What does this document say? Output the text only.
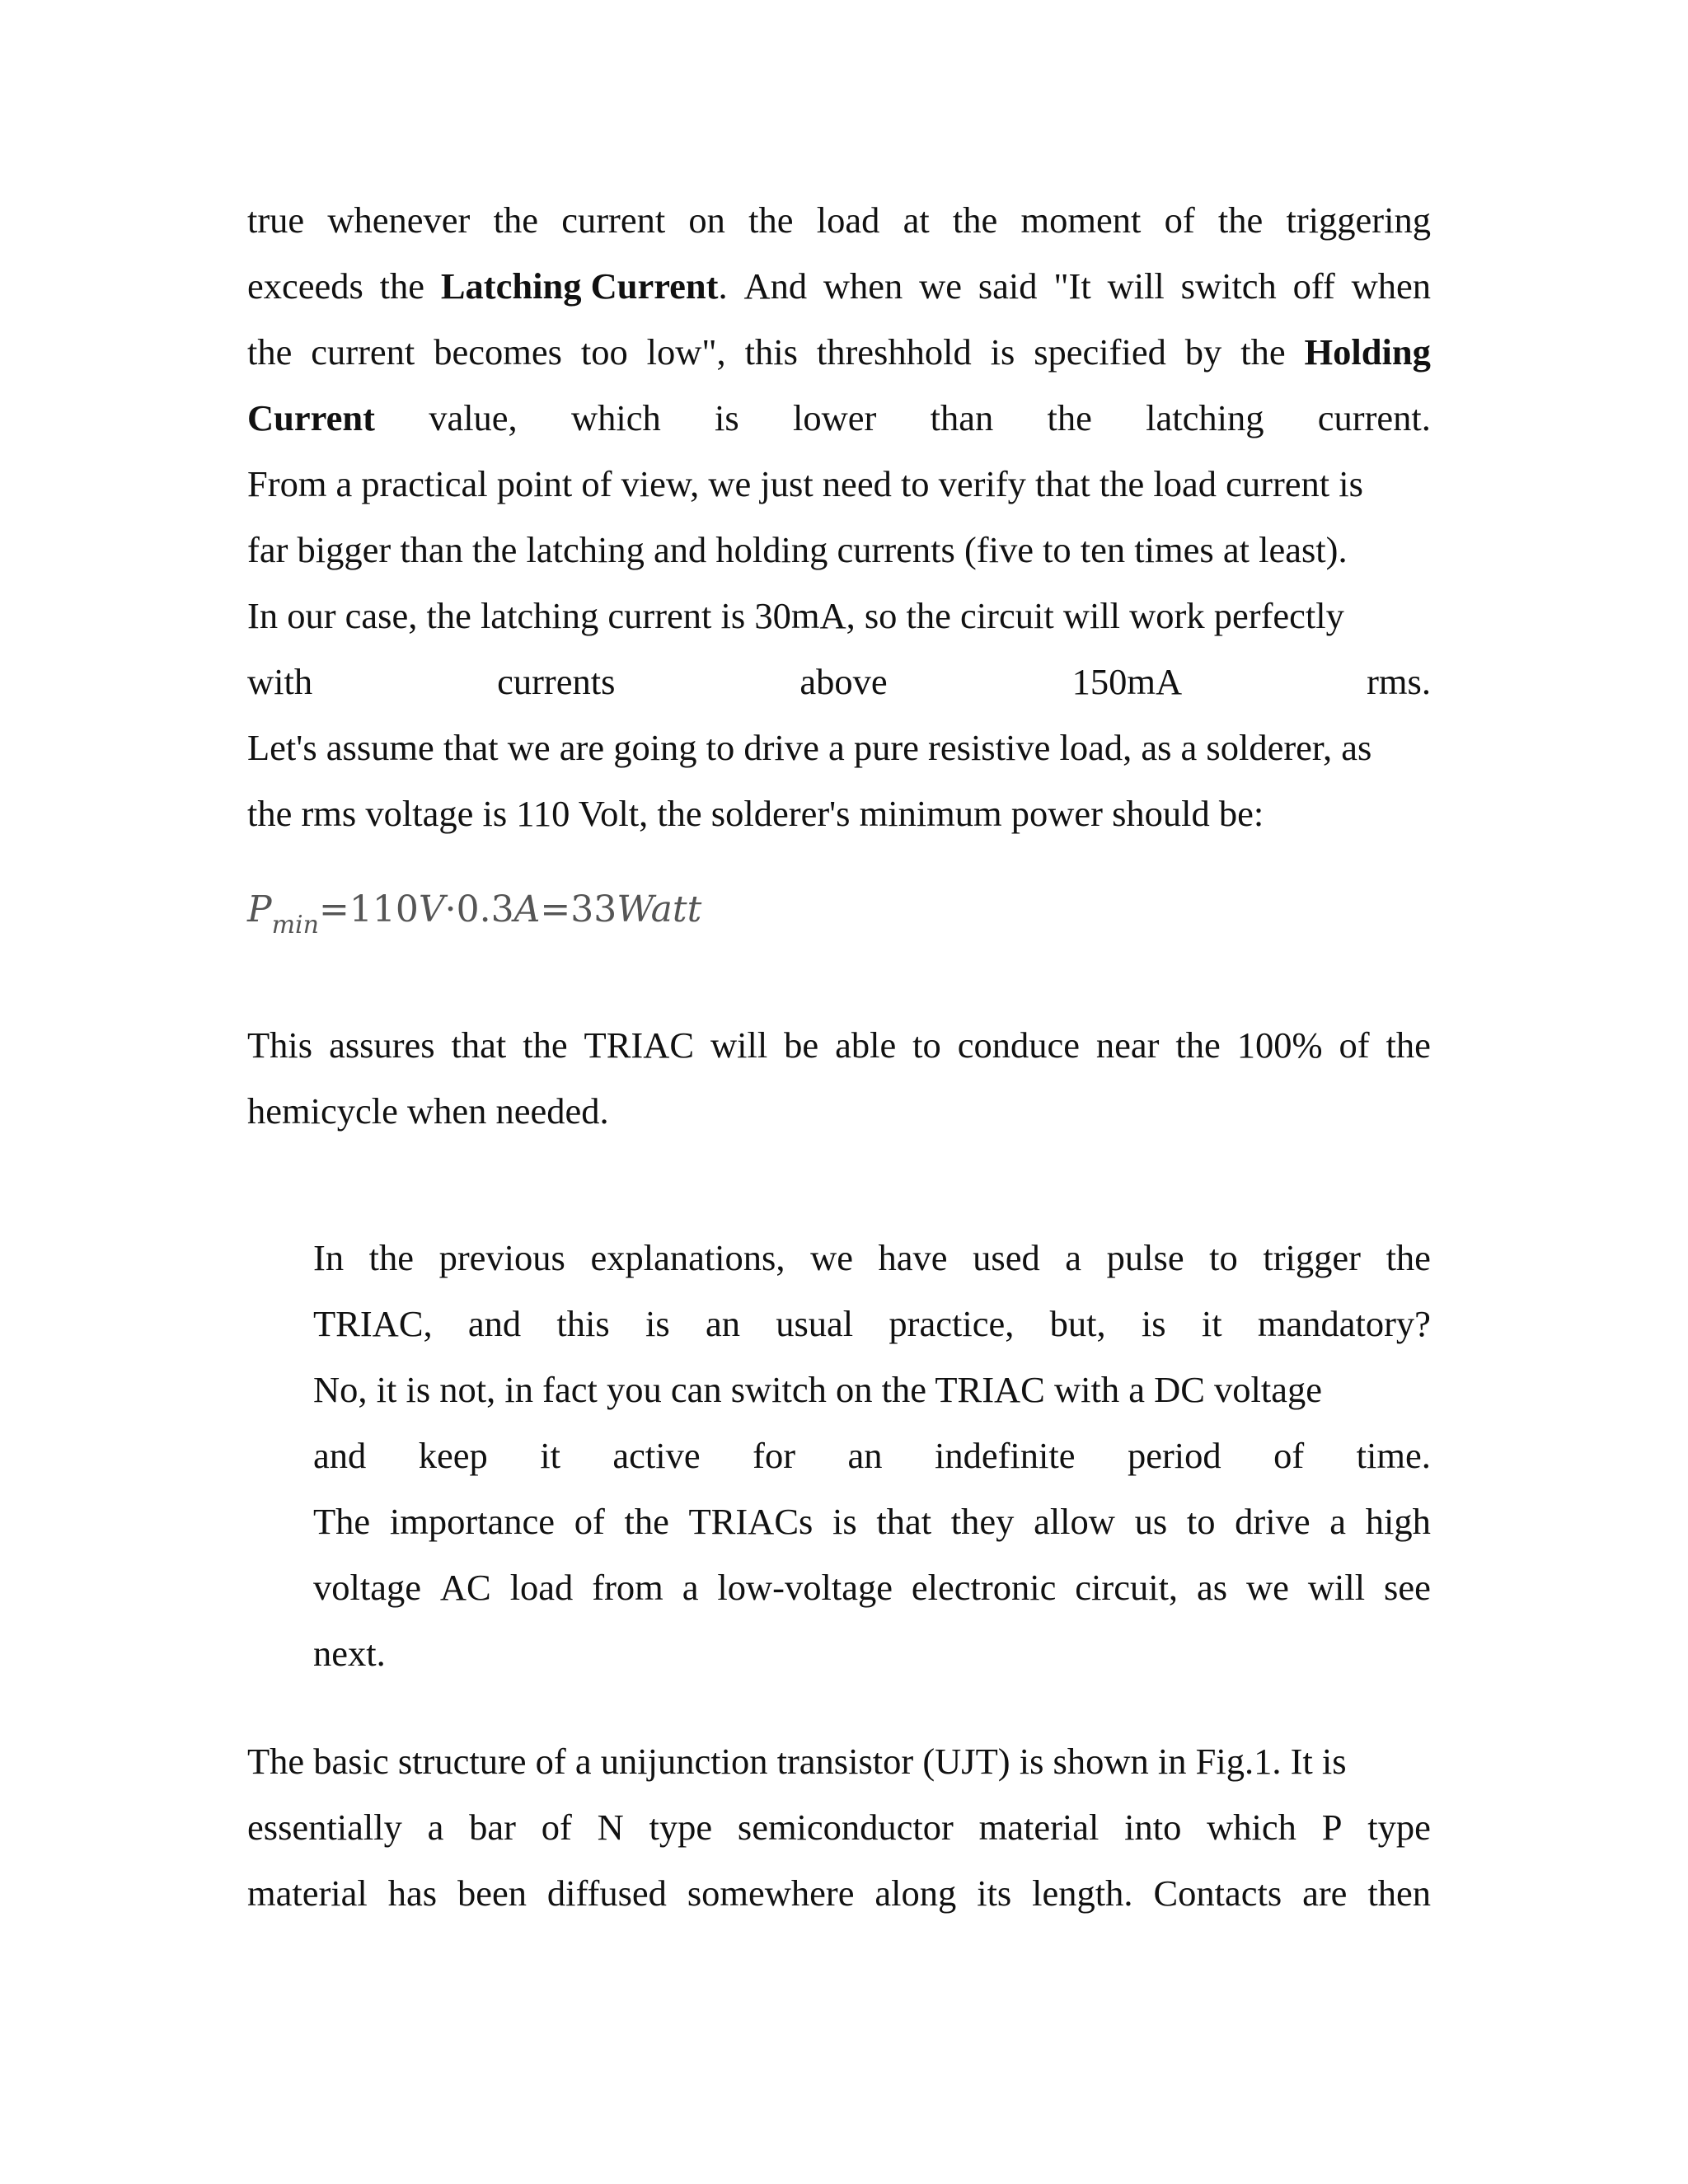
true whenever the current on the load at the moment of the triggering
exceeds the Latching Current. And when we said "It will switch off when
the current becomes too low", this threshhold is specified by the Holding
Current value, which is lower than the latching current.
From a practical point of view, we just need to verify that the load current is
far bigger than the latching and holding currents (five to ten times at least).
In our case, the latching current is 30mA, so the circuit will work perfectly
with	currents	above	150mA	rms.
Let's assume that we are going to drive a pure resistive load, as a solderer, as
the rms voltage is 110 Volt, the solderer's minimum power should be:
$P_{min}=110V\cdot 0.3A=33Watt$
This assures that the TRIAC will be able to conduce near the 100% of the
hemicycle when needed.
In the previous explanations, we have used a pulse to trigger the
TRIAC, and this is an usual practice, but, is it mandatory?
No, it is not, in fact you can switch on the TRIAC with a DC voltage
and keep it active for an indefinite period of time.
The importance of the TRIACs is that they allow us to drive a high
voltage AC load from a low-voltage electronic circuit, as we will see
next.
The basic structure of a unijunction transistor (UJT) is shown in Fig.1. It is
essentially a bar of N type semiconductor material into which P type
material has been diffused somewhere along its length. Contacts are then
